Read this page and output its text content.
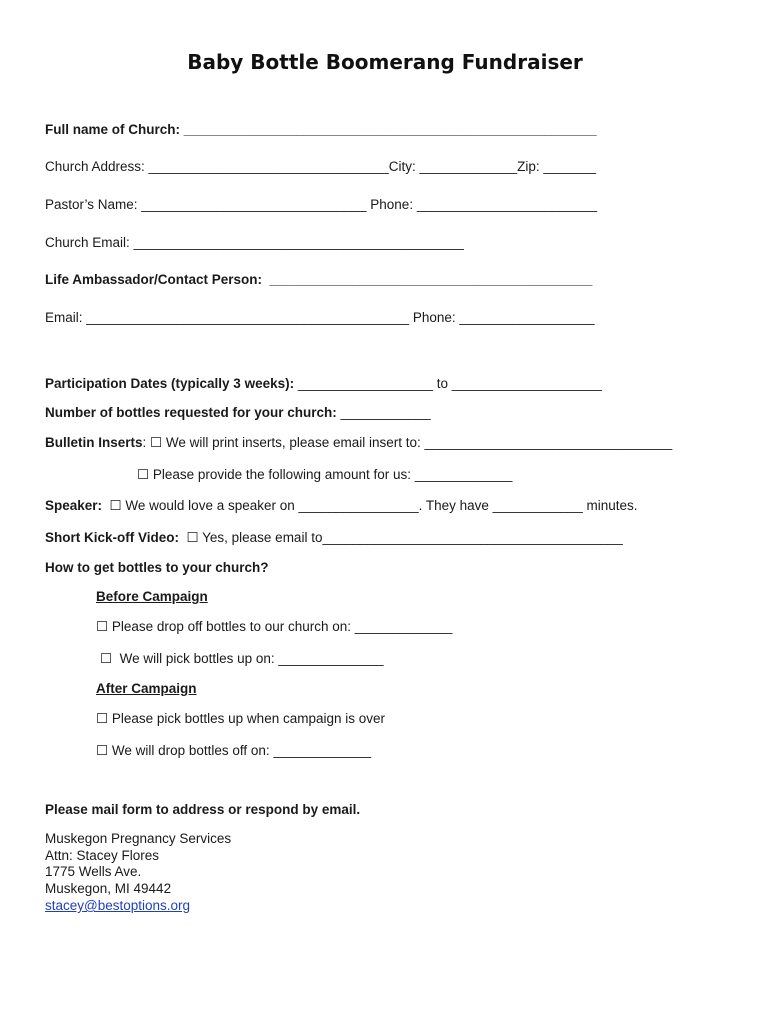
Baby Bottle Boomerang Fundraiser
Full name of Church: _______________________________________________________
Church Address: ________________________________City: _____________Zip: _______
Pastor’s Name: ______________________________ Phone: ________________________
Church Email: ____________________________________________
Life Ambassador/Contact Person:  ___________________________________________
Email: ___________________________________________ Phone: __________________
Participation Dates (typically 3 weeks): __________________ to ____________________
Number of bottles requested for your church: ____________
Bulletin Inserts: ☐ We will print inserts, please email insert to: _________________________________
☐ Please provide the following amount for us: _____________
Speaker:  ☐ We would love a speaker on ________________. They have ____________ minutes.
Short Kick-off Video:  ☐ Yes, please email to________________________________________
How to get bottles to your church?
Before Campaign
☐ Please drop off bottles to our church on: _____________
☐  We will pick bottles up on: ______________
After Campaign
☐ Please pick bottles up when campaign is over
☐ We will drop bottles off on: _____________
Please mail form to address or respond by email.
Muskegon Pregnancy Services
Attn: Stacey Flores
1775 Wells Ave.
Muskegon, MI 49442
stacey@bestoptions.org
